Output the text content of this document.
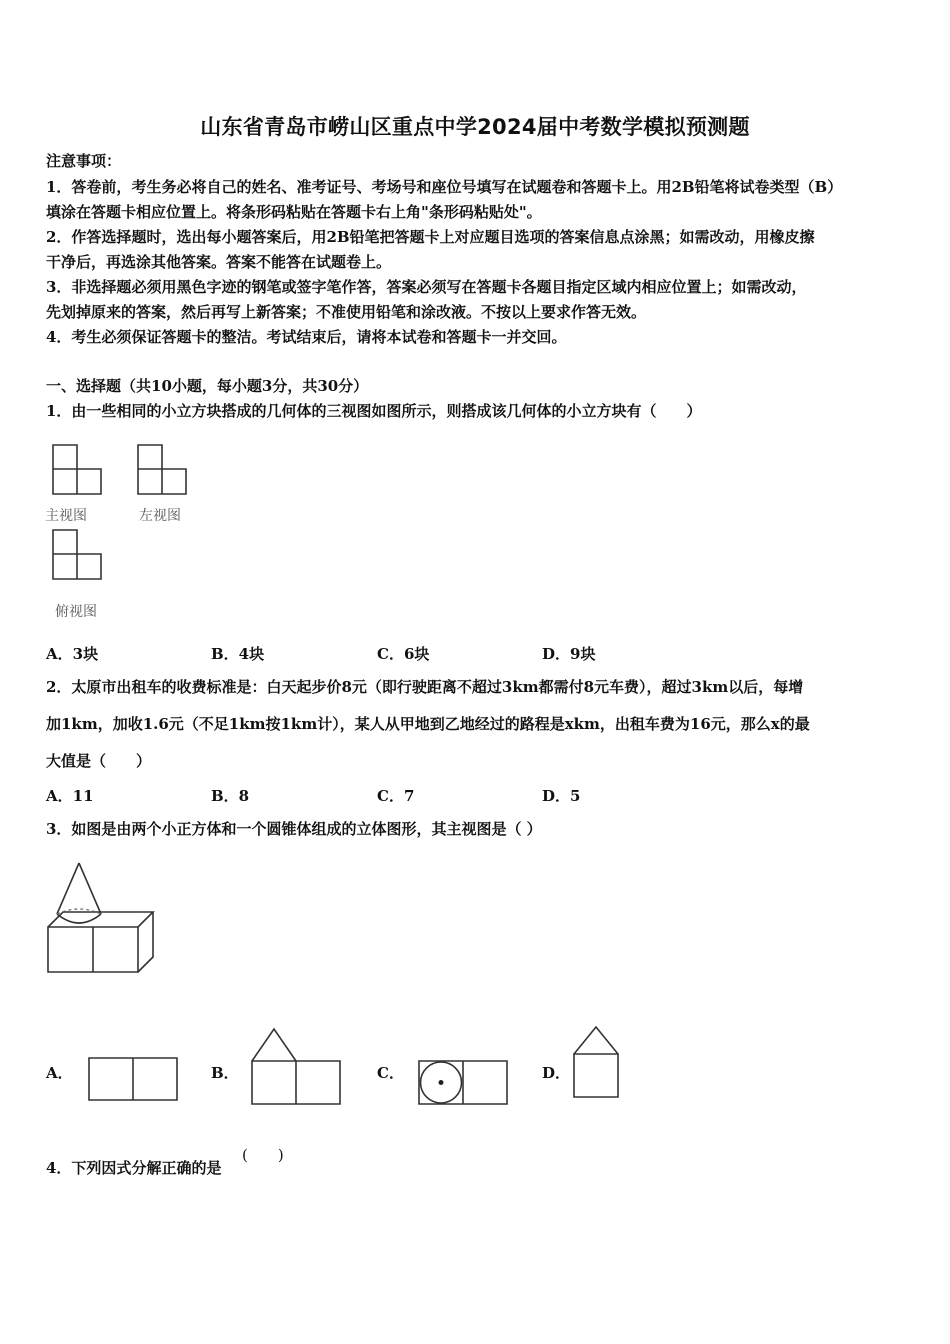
山东省青岛市崂山区重点中学2024届中考数学模拟预测题
注意事项：
1．答卷前，考生务必将自己的姓名、准考证号、考场号和座位号填写在试题卷和答题卡上。用2B铅笔将试卷类型（B）
填涂在答题卡相应位置上。将条形码粘贴在答题卡右上角"条形码粘贴处"。
2．作答选择题时，选出每小题答案后，用2B铅笔把答题卡上对应题目选项的答案信息点涂黑；如需改动，用橡皮擦
干净后，再选涂其他答案。答案不能答在试题卷上。
3．非选择题必须用黑色字迹的钢笔或签字笔作答，答案必须写在答题卡各题目指定区域内相应位置上；如需改动，
先划掉原来的答案，然后再写上新答案；不准使用铅笔和涂改液。不按以上要求作答无效。
4．考生必须保证答题卡的整洁。考试结束后，请将本试卷和答题卡一并交回。
一、选择题（共10小题，每小题3分，共30分）
1．由一些相同的小立方块搭成的几何体的三视图如图所示，则搭成该几何体的小立方块有（　　）
主视图	左视图
俯视图
A．3块	B．4块	C．6块	D．9块
2．太原市出租车的收费标准是：白天起步价8元（即行驶距离不超过3km都需付8元车费），超过3km以后，每增
加1km，加收1.6元（不足1km按1km计），某人从甲地到乙地经过的路程是xkm，出租车费为16元，那么x的最
大值是（　　）
A．11	B．8	C．7	D．5
3．如图是由两个小正方体和一个圆锥体组成的立体图形，其主视图是（ ）
A．	B．	C．	D．
4．下列因式分解正确的是
(　　)
